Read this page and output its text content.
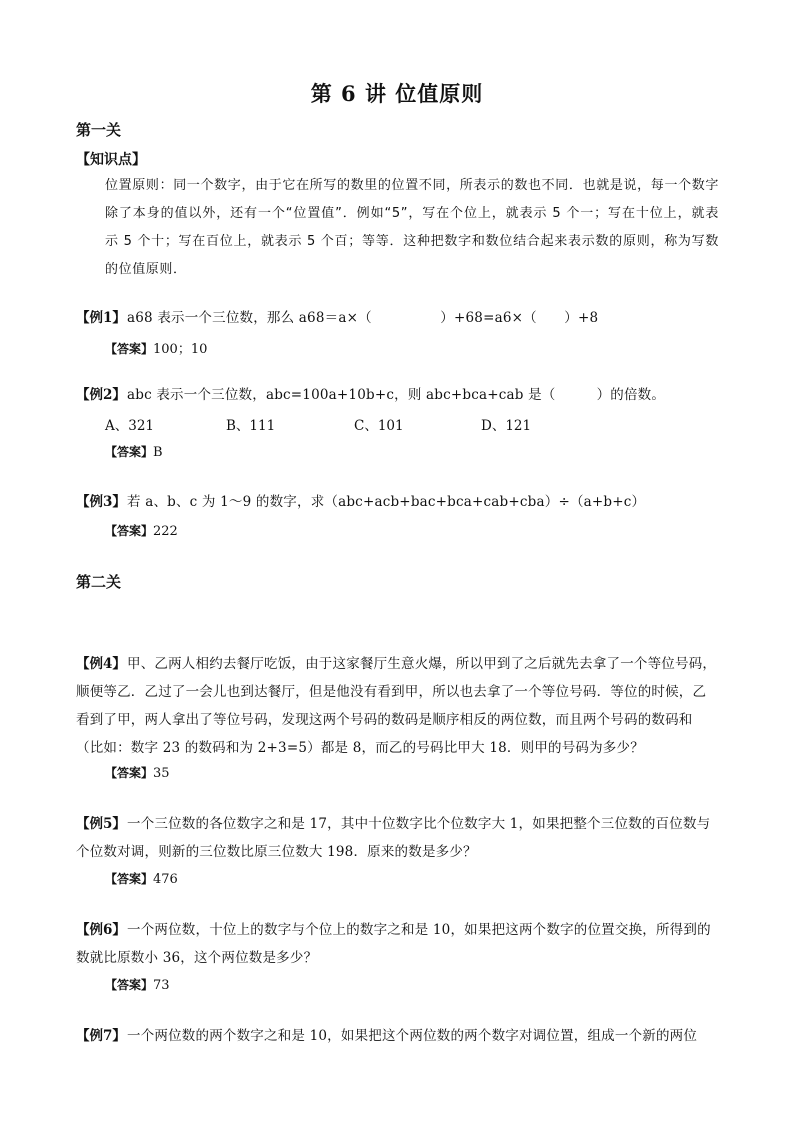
第 6 讲 位值原则
第一关
【知识点】
位置原则：同一个数字，由于它在所写的数里的位置不同，所表示的数也不同．也就是说，每一个数字除了本身的值以外，还有一个“位置值”．例如“5”，写在个位上，就表示 5 个一；写在十位上，就表示 5 个十；写在百位上，就表示 5 个百；等等．这种把数字和数位结合起来表示数的原则，称为写数的位值原则．
【例1】a68 表示一个三位数，那么 a68＝a×（　　　　　）+68=a6×（　　）+8
【答案】100；10
【例2】abc 表示一个三位数，abc=100a+10b+c，则 abc+bca+cab 是（　　　）的倍数。
A、321	B、111	C、101	D、121
【答案】B
【例3】若 a、b、c 为 1～9 的数字，求（abc+acb+bac+bca+cab+cba）÷（a+b+c）
【答案】222
第二关
【例4】甲、乙两人相约去餐厅吃饭，由于这家餐厅生意火爆，所以甲到了之后就先去拿了一个等位号码，顺便等乙．乙过了一会儿也到达餐厅，但是他没有看到甲，所以也去拿了一个等位号码．等位的时候，乙看到了甲，两人拿出了等位号码，发现这两个号码的数码是顺序相反的两位数，而且两个号码的数码和（比如：数字 23 的数码和为 2+3=5）都是 8，而乙的号码比甲大 18．则甲的号码为多少？
【答案】35
【例5】一个三位数的各位数字之和是 17，其中十位数字比个位数字大 1，如果把整个三位数的百位数与个位数对调，则新的三位数比原三位数大 198．原来的数是多少？
【答案】476
【例6】一个两位数，十位上的数字与个位上的数字之和是 10，如果把这两个数字的位置交换，所得到的数就比原数小 36，这个两位数是多少？
【答案】73
【例7】一个两位数的两个数字之和是 10，如果把这个两位数的两个数字对调位置，组成一个新的两位
